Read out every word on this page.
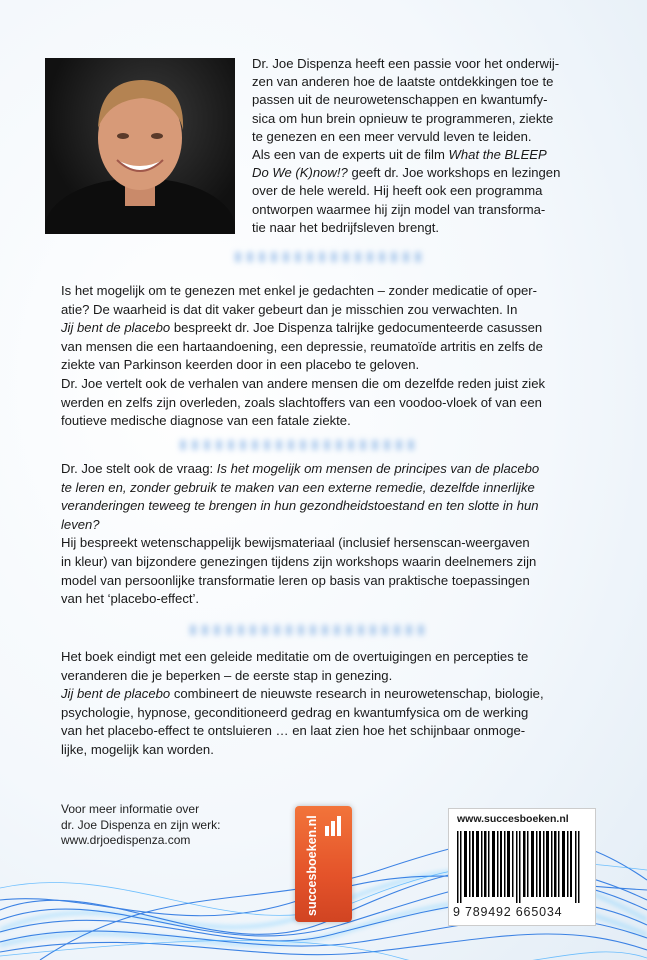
Dr. Joe Dispenza heeft een passie voor het onderwij-
zen van anderen hoe de laatste ontdekkingen toe te
passen uit de neurowetenschappen en kwantumfy-
sica om hun brein opnieuw te programmeren, ziekte
te genezen en een meer vervuld leven te leiden.
Als een van de experts uit de film What the BLEEP
Do We (K)now!? geeft dr. Joe workshops en lezingen
over de hele wereld. Hij heeft ook een programma
ontworpen waarmee hij zijn model van transforma-
tie naar het bedrijfsleven brengt.
Is het mogelijk om te genezen met enkel je gedachten – zonder medicatie of oper-
atie? De waarheid is dat dit vaker gebeurt dan je misschien zou verwachten. In
Jij bent de placebo bespreekt dr. Joe Dispenza talrijke gedocumenteerde casussen
van mensen die een hartaandoening, een depressie, reumatoïde artritis en zelfs de
ziekte van Parkinson keerden door in een placebo te geloven.
Dr. Joe vertelt ook de verhalen van andere mensen die om dezelfde reden juist ziek
werden en zelfs zijn overleden, zoals slachtoffers van een voodoo-vloek of van een
foutieve medische diagnose van een fatale ziekte.
Dr. Joe stelt ook de vraag: Is het mogelijk om mensen de principes van de placebo
te leren en, zonder gebruik te maken van een externe remedie, dezelfde innerlijke
veranderingen teweeg te brengen in hun gezondheidstoestand en ten slotte in hun
leven?
Hij bespreekt wetenschappelijk bewijsmateriaal (inclusief hersenscan-weergaven
in kleur) van bijzondere genezingen tijdens zijn workshops waarin deelnemers zijn
model van persoonlijke transformatie leren op basis van praktische toepassingen
van het ‘placebo-effect’.
Het boek eindigt met een geleide meditatie om de overtuigingen en percepties te
veranderen die je beperken – de eerste stap in genezing.
Jij bent de placebo combineert de nieuwste research in neurowetenschap, biologie,
psychologie, hypnose, geconditioneerd gedrag en kwantumfysica om de werking
van het placebo-effect te ontsluieren … en laat zien hoe het schijnbaar onmoge-
lijke, mogelijk kan worden.
Voor meer informatie over
dr. Joe Dispenza en zijn werk:
www.drjoedispenza.com	succesboeken.nl	www.succesboeken.nl
9 789492 665034
